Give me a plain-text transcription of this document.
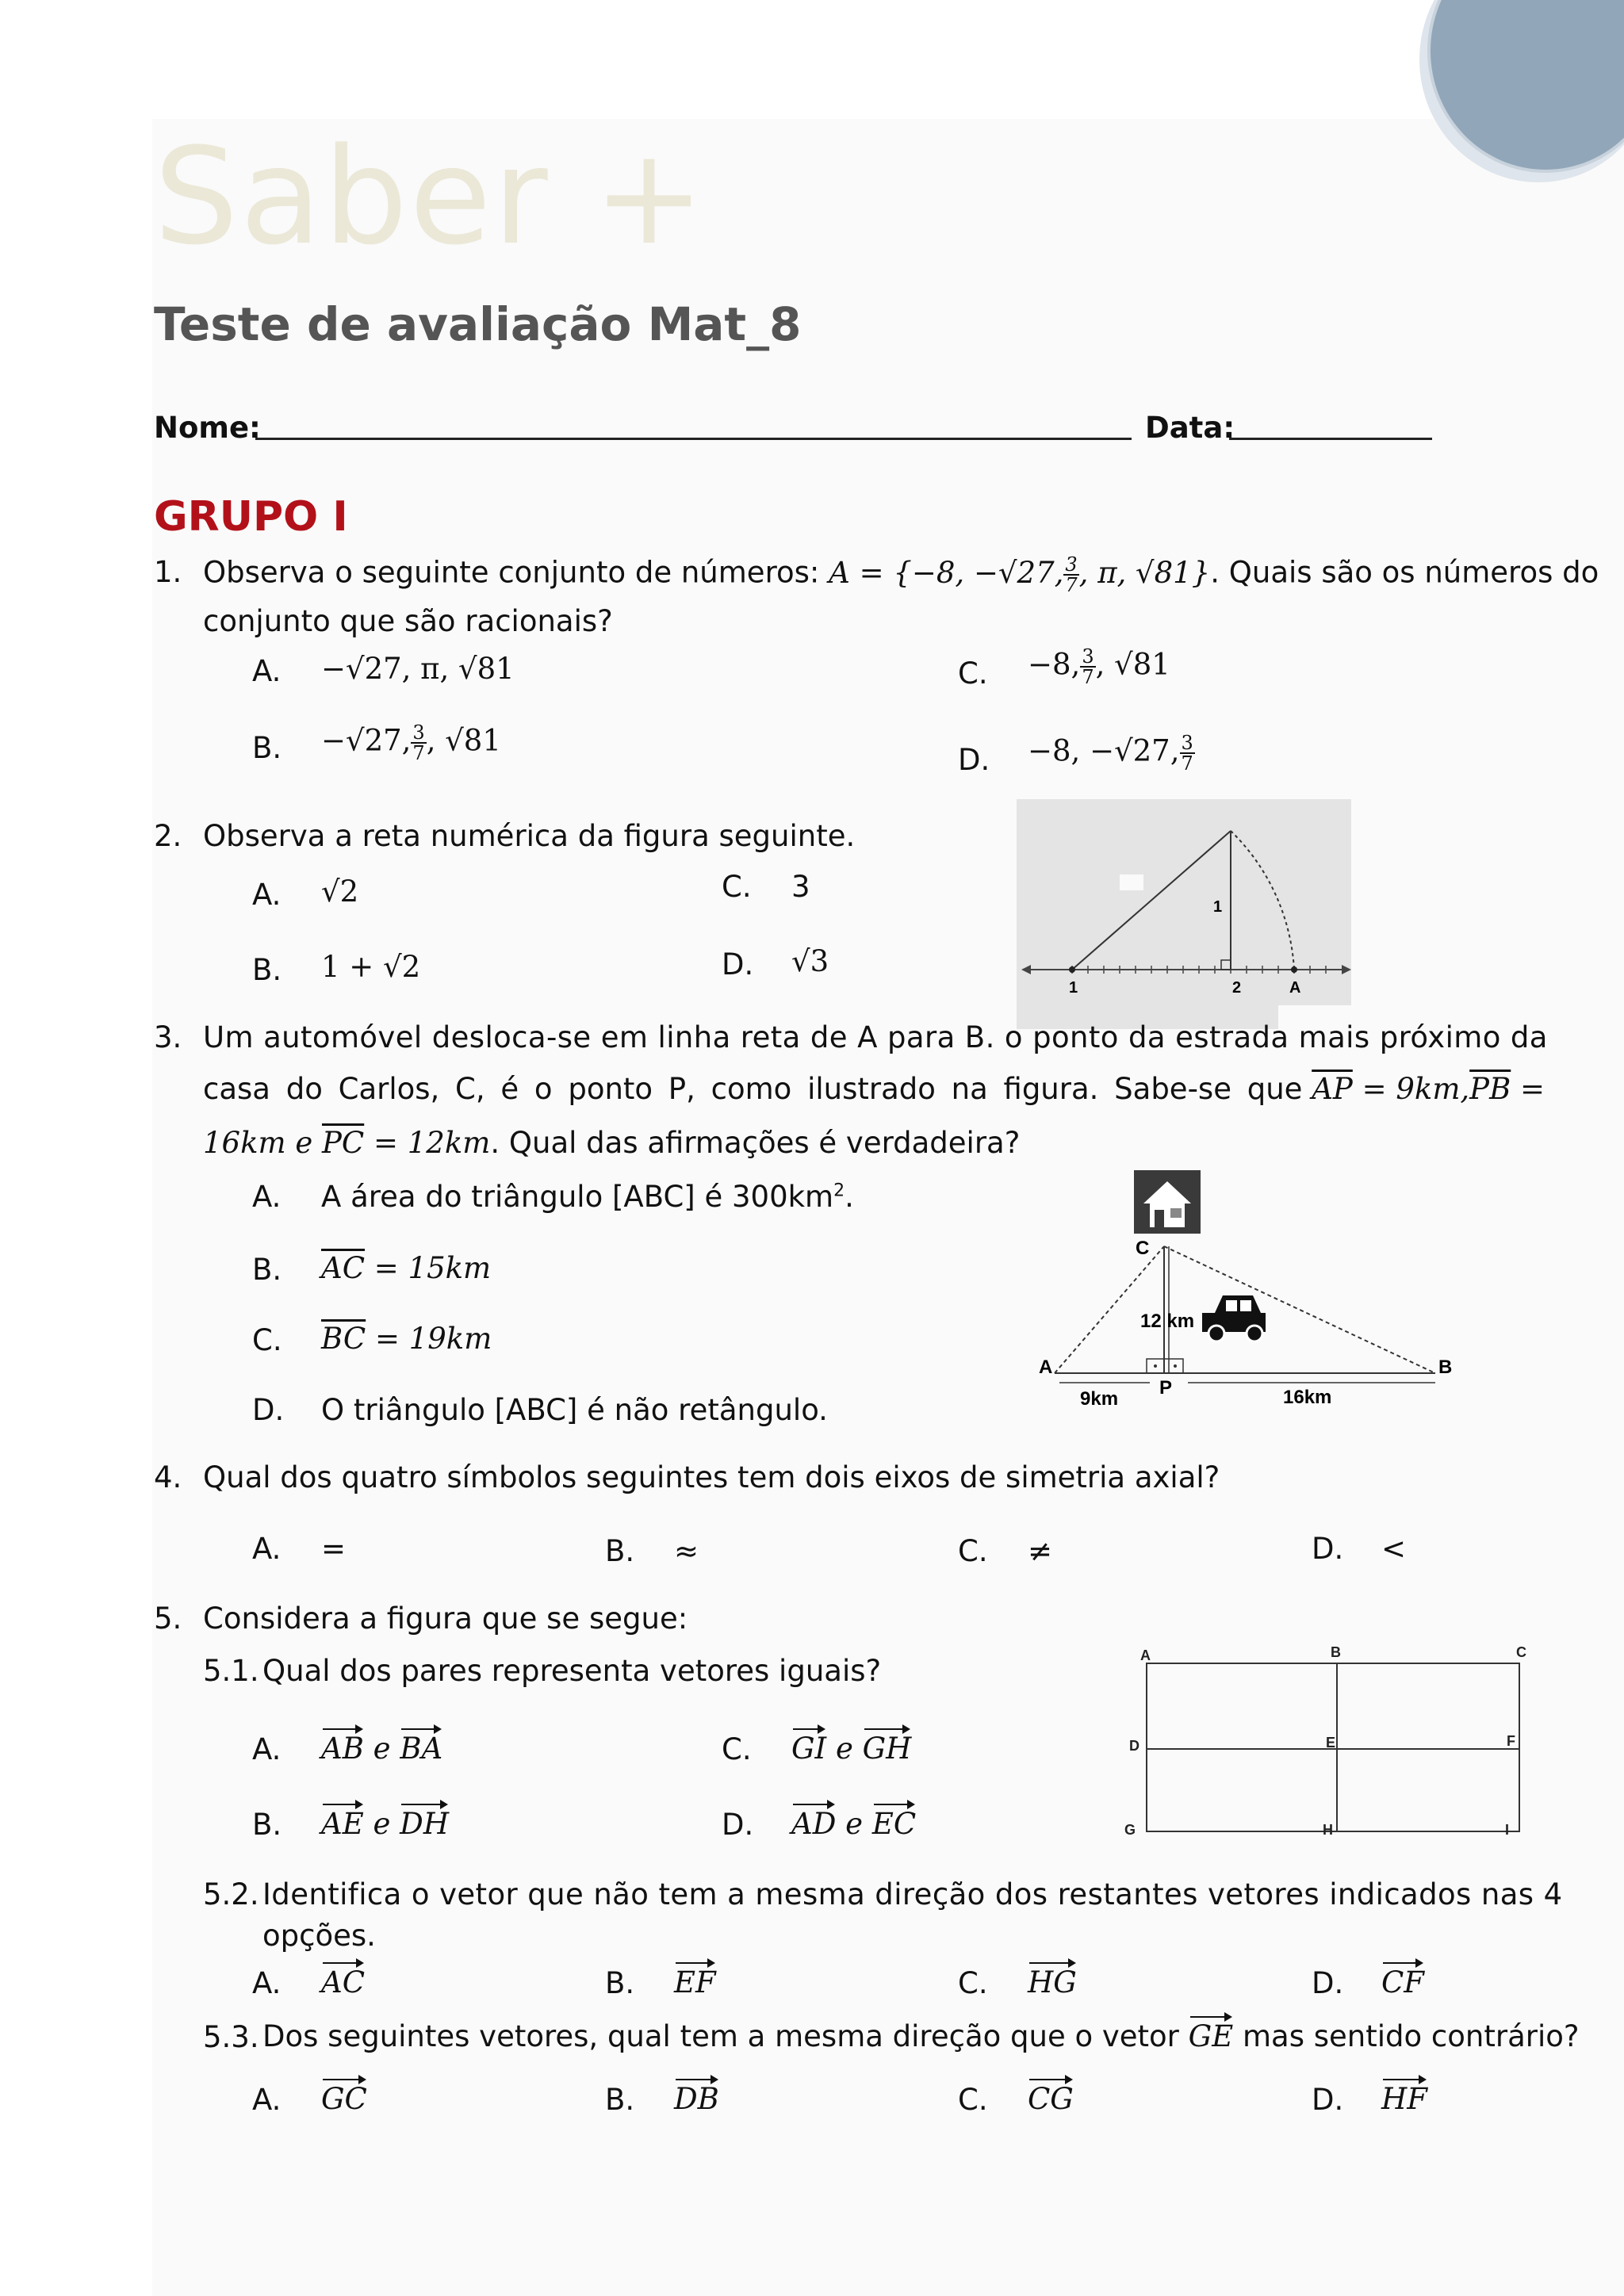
Saber +
Teste de avaliação Mat_8
Nome:	Data:
GRUPO I
1. Observa o seguinte conjunto de números: A = {−8, −√27, $\frac{3}{7}$ , π, √81}. Quais são os números do
conjunto que são racionais?
A. −√27, π, √81
B. −√27, $\frac{3}{7}$ , √81
C. −8, $\frac{3}{7}$ , √81
D. −8, −√27, $\frac{3}{7}$
2. Observa a reta numérica da figura seguinte.
A. √2
B. 1 + √2
C. 3
D. √3
1	2	A
1
3. Um automóvel desloca-se em linha reta de A para B. o ponto da estrada mais próximo da
casa do Carlos, C, é o ponto P, como ilustrado na figura. Sabe-se que $\overline{AP} = 9km,\overline{PB}$ =
16km e $\overline{PC} = 12km$. Qual das afirmações é verdadeira?
A. A área do triângulo [ABC] é $300km^2$.
B. $\overline{AC} = 15km$
C. $\overline{BC} = 19km$
D. O triângulo [ABC] é não retângulo.
C
12 km
A	B
P
9km	16km
4. Qual dos quatro símbolos seguintes tem dois eixos de simetria axial?
A. =	B. ≈	C. ≠	D. <
5. Considera a figura que se segue:
A	B	C
D	E	F
G	H	I
5.1. Qual dos pares representa vetores iguais?
A. AB e BA
B. AE e DH
C. GI e GH
D. AD e EC
5.2. Identifica o vetor que não tem a mesma direção dos restantes vetores indicados nas 4
opções.
A. AC	B. EF	C. HG	D. CF
5.3. Dos seguintes vetores, qual tem a mesma direção que o vetor GE mas sentido contrário?
A. GC	B. DB	C. CG	D. HF
